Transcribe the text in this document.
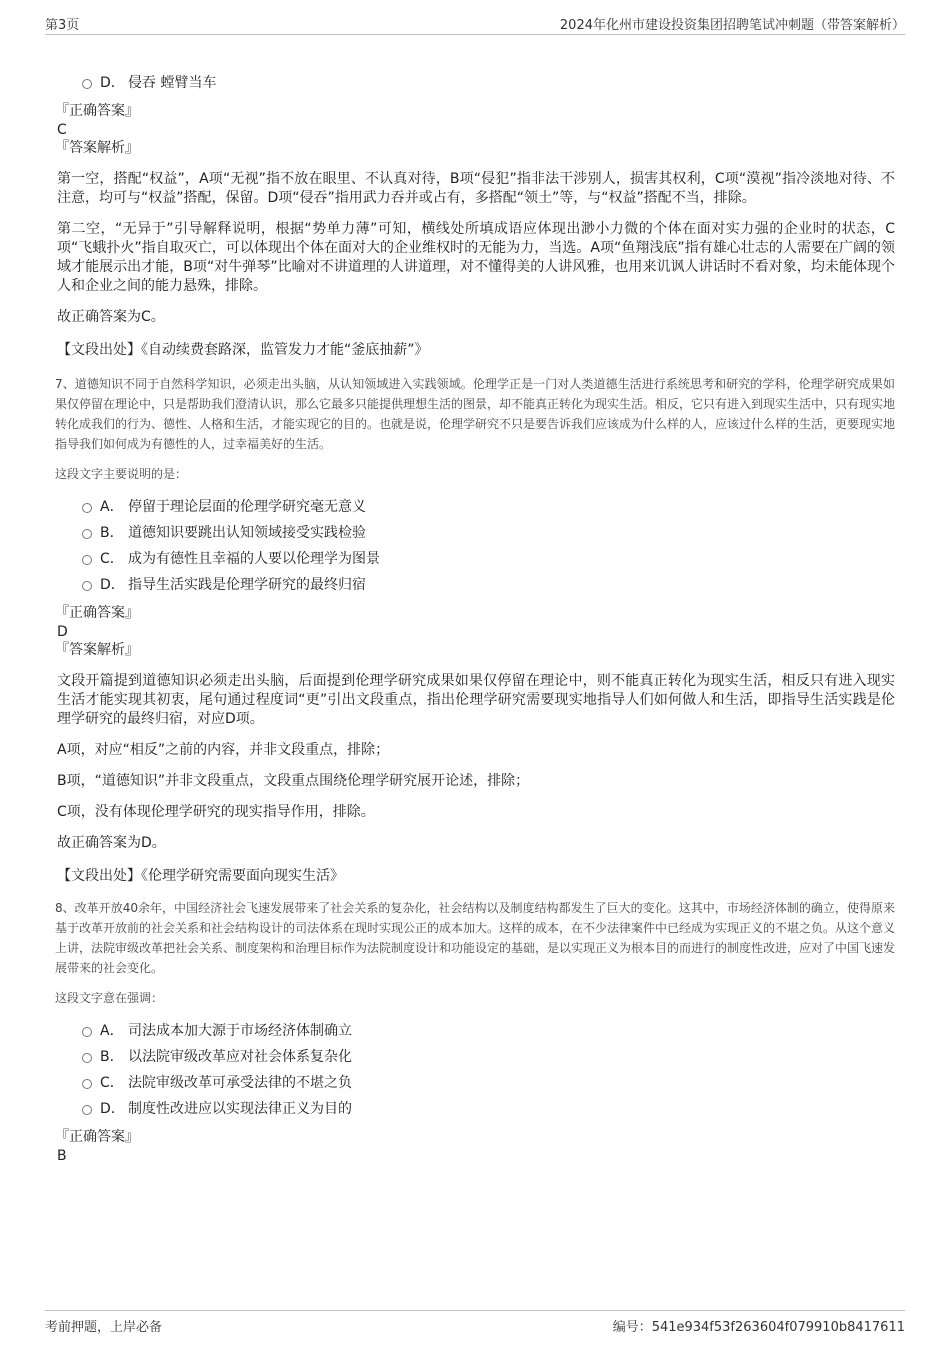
第3页	2024年化州市建设投资集团招聘笔试冲刺题（带答案解析）
D． 侵吞 螳臂当车
『正确答案』
C
『答案解析』
第一空，搭配“权益”，A项“无视”指不放在眼里、不认真对待，B项“侵犯”指非法干涉别人，损害其权利，C项“漠视”指冷淡地对待、不注意，均可与“权益”搭配，保留。D项“侵吞”指用武力吞并或占有，多搭配“领土”等，与“权益”搭配不当，排除。
第二空，“无异于”引导解释说明，根据“势单力薄”可知，横线处所填成语应体现出渺小力微的个体在面对实力强的企业时的状态，C项“飞蛾扑火”指自取灭亡，可以体现出个体在面对大的企业维权时的无能为力，当选。A项“鱼翔浅底”指有雄心壮志的人需要在广阔的领域才能展示出才能，B项“对牛弹琴”比喻对不讲道理的人讲道理，对不懂得美的人讲风雅，也用来讥讽人讲话时不看对象，均未能体现个人和企业之间的能力悬殊，排除。
故正确答案为C。
【文段出处】《自动续费套路深，监管发力才能“釜底抽薪”》
7、道德知识不同于自然科学知识，必须走出头脑，从认知领域进入实践领域。伦理学正是一门对人类道德生活进行系统思考和研究的学科，伦理学研究成果如果仅停留在理论中，只是帮助我们澄清认识，那么它最多只能提供理想生活的图景，却不能真正转化为现实生活。相反，它只有进入到现实生活中，只有现实地转化成我们的行为、德性、人格和生活，才能实现它的目的。也就是说，伦理学研究不只是要告诉我们应该成为什么样的人，应该过什么样的生活，更要现实地指导我们如何成为有德性的人，过幸福美好的生活。
这段文字主要说明的是：
A． 停留于理论层面的伦理学研究毫无意义
B． 道德知识要跳出认知领域接受实践检验
C． 成为有德性且幸福的人要以伦理学为图景
D． 指导生活实践是伦理学研究的最终归宿
『正确答案』
D
『答案解析』
文段开篇提到道德知识必须走出头脑，后面提到伦理学研究成果如果仅停留在理论中，则不能真正转化为现实生活，相反只有进入现实生活才能实现其初衷，尾句通过程度词“更”引出文段重点，指出伦理学研究需要现实地指导人们如何做人和生活，即指导生活实践是伦理学研究的最终归宿，对应D项。
A项，对应“相反”之前的内容，并非文段重点，排除；
B项，“道德知识”并非文段重点，文段重点围绕伦理学研究展开论述，排除；
C项，没有体现伦理学研究的现实指导作用，排除。
故正确答案为D。
【文段出处】《伦理学研究需要面向现实生活》
8、改革开放40余年，中国经济社会飞速发展带来了社会关系的复杂化，社会结构以及制度结构都发生了巨大的变化。这其中，市场经济体制的确立，使得原来基于改革开放前的社会关系和社会结构设计的司法体系在现时实现公正的成本加大。这样的成本，在不少法律案件中已经成为实现正义的不堪之负。从这个意义上讲，法院审级改革把社会关系、制度架构和治理目标作为法院制度设计和功能设定的基础，是以实现正义为根本目的而进行的制度性改进，应对了中国飞速发展带来的社会变化。
这段文字意在强调：
A． 司法成本加大源于市场经济体制确立
B． 以法院审级改革应对社会体系复杂化
C． 法院审级改革可承受法律的不堪之负
D． 制度性改进应以实现法律正义为目的
『正确答案』
B
考前押题，上岸必备	编号：541e934f53f263604f079910b8417611
